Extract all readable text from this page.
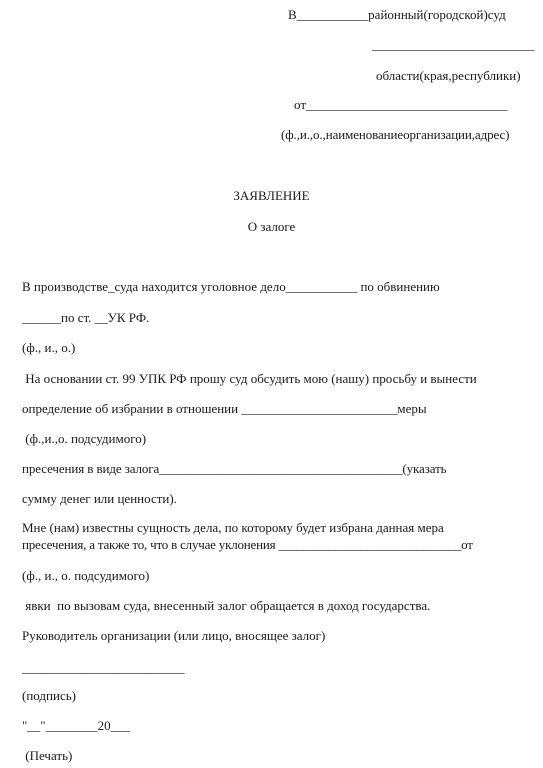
В___________районный(городской)суд

_________________________

области(края,республики)

от_______________________________

(ф.,и.,о.,наименованиеорганизации,адрес)

ЗАЯВЛЕНИЕ

О залоге

В производстве_суда находится уголовное дело___________ по обвинению

______по ст. __УК РФ.

(ф., и., о.)

На основании ст. 99 УПК РФ прошу суд обсудить мою (нашу) просьбу и вынести

определение об избрании в отношении ________________________меры

(ф.,и.,о. подсудимого)

пресечения в виде залога______________________________________(указать

сумму денег или ценности).

Мне (нам) известны сущность дела, по которому будет избрана данная мера

пресечения, а также то, что в случае уклонения _____________________________от

(ф., и., о. подсудимого)

явки  по вызовам суда, внесенный залог обращается в доход государства.

Руководитель организации (или лицо, вносящее залог)

_________________________

(подпись)

"__"________20___

(Печать)
